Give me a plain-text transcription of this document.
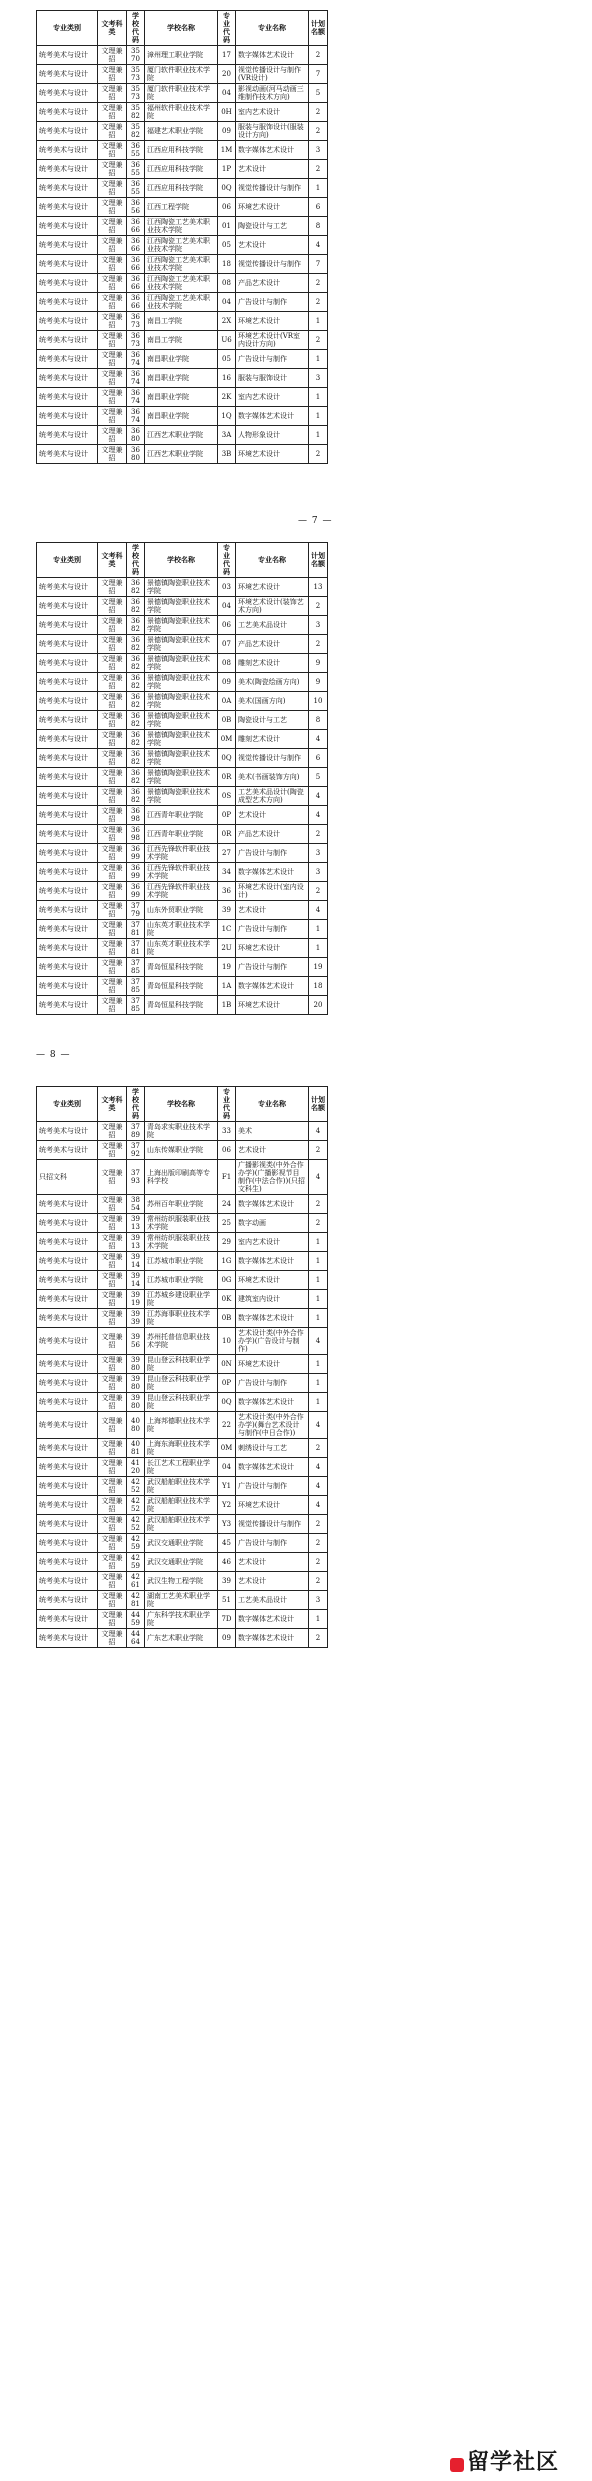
专业类别	文考科类	学校代码	学校名称	专业代码	专业名称	计划名额
统考美术与设计	文理兼招	3570	漳州理工职业学院	17	数字媒体艺术设计	2
统考美术与设计	文理兼招	3573	厦门软件职业技术学院	20	视觉传播设计与制作(VR设计)	7
统考美术与设计	文理兼招	3573	厦门软件职业技术学院	04	影视动画(河马动画三维制作技术方向)	5
统考美术与设计	文理兼招	3582	福州软件职业技术学院	0H	室内艺术设计	2
统考美术与设计	文理兼招	3582	福建艺术职业学院	09	服装与服饰设计(服装设计方向)	2
统考美术与设计	文理兼招	3655	江西应用科技学院	1M	数字媒体艺术设计	3
统考美术与设计	文理兼招	3655	江西应用科技学院	1P	艺术设计	2
统考美术与设计	文理兼招	3655	江西应用科技学院	0Q	视觉传播设计与制作	1
统考美术与设计	文理兼招	3656	江西工程学院	06	环境艺术设计	6
统考美术与设计	文理兼招	3666	江西陶瓷工艺美术职业技术学院	01	陶瓷设计与工艺	8
统考美术与设计	文理兼招	3666	江西陶瓷工艺美术职业技术学院	05	艺术设计	4
统考美术与设计	文理兼招	3666	江西陶瓷工艺美术职业技术学院	18	视觉传播设计与制作	7
统考美术与设计	文理兼招	3666	江西陶瓷工艺美术职业技术学院	08	产品艺术设计	2
统考美术与设计	文理兼招	3666	江西陶瓷工艺美术职业技术学院	04	广告设计与制作	2
统考美术与设计	文理兼招	3673	南昌工学院	2X	环境艺术设计	1
统考美术与设计	文理兼招	3673	南昌工学院	U6	环境艺术设计(VR室内设计方向)	2
统考美术与设计	文理兼招	3674	南昌职业学院	05	广告设计与制作	1
统考美术与设计	文理兼招	3674	南昌职业学院	16	服装与服饰设计	3
统考美术与设计	文理兼招	3674	南昌职业学院	2K	室内艺术设计	1
统考美术与设计	文理兼招	3674	南昌职业学院	1Q	数字媒体艺术设计	1
统考美术与设计	文理兼招	3680	江西艺术职业学院	3A	人物形象设计	1
统考美术与设计	文理兼招	3680	江西艺术职业学院	3B	环境艺术设计	2
— 7 —
专业类别	文考科类	学校代码	学校名称	专业代码	专业名称	计划名额
统考美术与设计	文理兼招	3682	景德镇陶瓷职业技术学院	03	环境艺术设计	13
统考美术与设计	文理兼招	3682	景德镇陶瓷职业技术学院	04	环境艺术设计(装饰艺术方向)	2
统考美术与设计	文理兼招	3682	景德镇陶瓷职业技术学院	06	工艺美术品设计	3
统考美术与设计	文理兼招	3682	景德镇陶瓷职业技术学院	07	产品艺术设计	2
统考美术与设计	文理兼招	3682	景德镇陶瓷职业技术学院	08	雕刻艺术设计	9
统考美术与设计	文理兼招	3682	景德镇陶瓷职业技术学院	09	美术(陶瓷绘画方向)	9
统考美术与设计	文理兼招	3682	景德镇陶瓷职业技术学院	0A	美术(国画方向)	10
统考美术与设计	文理兼招	3682	景德镇陶瓷职业技术学院	0B	陶瓷设计与工艺	8
统考美术与设计	文理兼招	3682	景德镇陶瓷职业技术学院	0M	雕刻艺术设计	4
统考美术与设计	文理兼招	3682	景德镇陶瓷职业技术学院	0Q	视觉传播设计与制作	6
统考美术与设计	文理兼招	3682	景德镇陶瓷职业技术学院	0R	美术(书画装饰方向)	5
统考美术与设计	文理兼招	3682	景德镇陶瓷职业技术学院	0S	工艺美术品设计(陶瓷成型艺术方向)	4
统考美术与设计	文理兼招	3698	江西青年职业学院	0P	艺术设计	4
统考美术与设计	文理兼招	3698	江西青年职业学院	0R	产品艺术设计	2
统考美术与设计	文理兼招	3699	江西先锋软件职业技术学院	27	广告设计与制作	3
统考美术与设计	文理兼招	3699	江西先锋软件职业技术学院	34	数字媒体艺术设计	3
统考美术与设计	文理兼招	3699	江西先锋软件职业技术学院	36	环境艺术设计(室内设计)	2
统考美术与设计	文理兼招	3779	山东外贸职业学院	39	艺术设计	4
统考美术与设计	文理兼招	3781	山东英才职业技术学院	1C	广告设计与制作	1
统考美术与设计	文理兼招	3781	山东英才职业技术学院	2U	环境艺术设计	1
统考美术与设计	文理兼招	3785	青岛恒星科技学院	19	广告设计与制作	19
统考美术与设计	文理兼招	3785	青岛恒星科技学院	1A	数字媒体艺术设计	18
统考美术与设计	文理兼招	3785	青岛恒星科技学院	1B	环境艺术设计	20
— 8 —
专业类别	文考科类	学校代码	学校名称	专业代码	专业名称	计划名额
统考美术与设计	文理兼招	3789	青岛求实职业技术学院	33	美术	4
统考美术与设计	文理兼招	3792	山东传媒职业学院	06	艺术设计	2
只招文科	文理兼招	3793	上海出版印刷高等专科学校	F1	广播影视类(中外合作办学)(广播影视节目制作(中法合作))(只招文科生)	4
统考美术与设计	文理兼招	3854	苏州百年职业学院	24	数字媒体艺术设计	2
统考美术与设计	文理兼招	3913	常州纺织服装职业技术学院	25	数字动画	2
统考美术与设计	文理兼招	3913	常州纺织服装职业技术学院	29	室内艺术设计	1
统考美术与设计	文理兼招	3914	江苏城市职业学院	1G	数字媒体艺术设计	1
统考美术与设计	文理兼招	3914	江苏城市职业学院	0G	环境艺术设计	1
统考美术与设计	文理兼招	3919	江苏城乡建设职业学院	0K	建筑室内设计	1
统考美术与设计	文理兼招	3939	江苏海事职业技术学院	0B	数字媒体艺术设计	1
统考美术与设计	文理兼招	3956	苏州托普信息职业技术学院	10	艺术设计类(中外合作办学)(广告设计与制作)	4
统考美术与设计	文理兼招	3980	昆山登云科技职业学院	0N	环境艺术设计	1
统考美术与设计	文理兼招	3980	昆山登云科技职业学院	0P	广告设计与制作	1
统考美术与设计	文理兼招	3980	昆山登云科技职业学院	0Q	数字媒体艺术设计	1
统考美术与设计	文理兼招	4080	上海邦德职业技术学院	22	艺术设计类(中外合作办学)(舞台艺术设计与制作(中日合作))	4
统考美术与设计	文理兼招	4081	上海东海职业技术学院	0M	刺绣设计与工艺	2
统考美术与设计	文理兼招	4120	长江艺术工程职业学院	04	数字媒体艺术设计	4
统考美术与设计	文理兼招	4252	武汉船舶职业技术学院	Y1	广告设计与制作	4
统考美术与设计	文理兼招	4252	武汉船舶职业技术学院	Y2	环境艺术设计	4
统考美术与设计	文理兼招	4252	武汉船舶职业技术学院	Y3	视觉传播设计与制作	2
统考美术与设计	文理兼招	4259	武汉交通职业学院	45	广告设计与制作	2
统考美术与设计	文理兼招	4259	武汉交通职业学院	46	艺术设计	2
统考美术与设计	文理兼招	4261	武汉生物工程学院	39	艺术设计	2
统考美术与设计	文理兼招	4281	湖南工艺美术职业学院	51	工艺美术品设计	3
统考美术与设计	文理兼招	4459	广东科学技术职业学院	7D	数字媒体艺术设计	1
统考美术与设计	文理兼招	4464	广东艺术职业学院	09	数字媒体艺术设计	2
留学社区
